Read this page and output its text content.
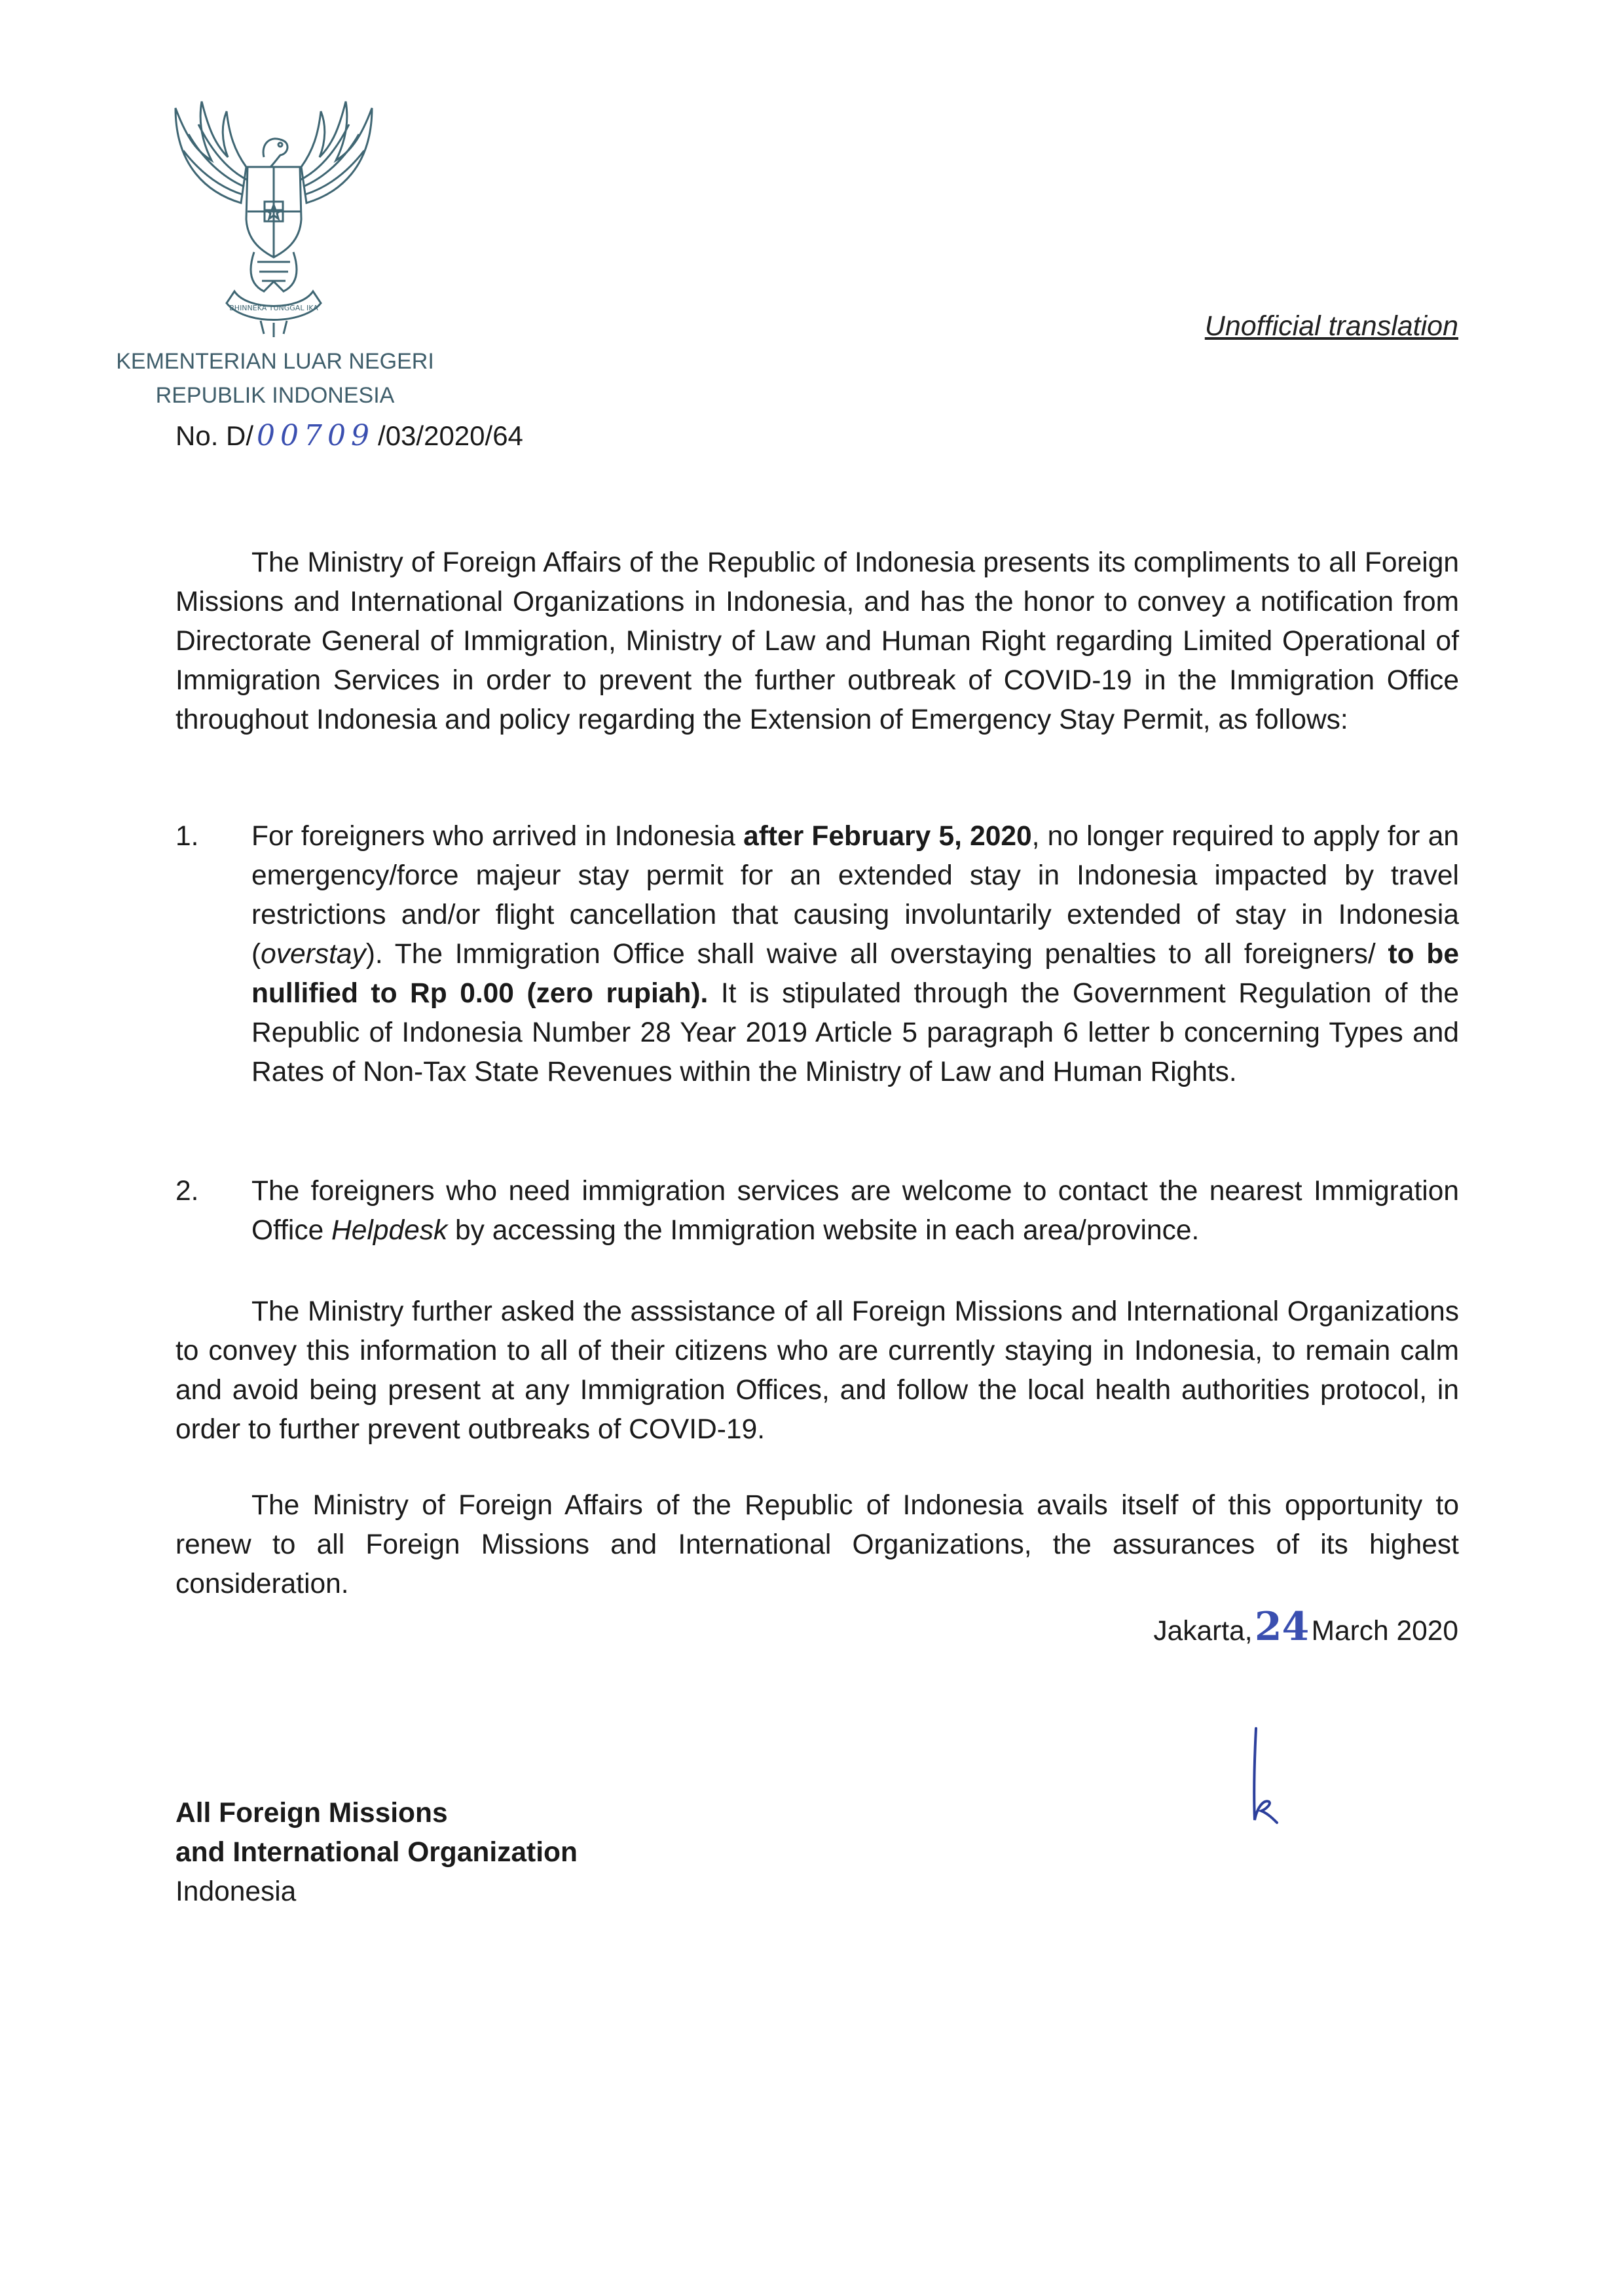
BHINNEKA TUNGGAL IKA
KEMENTERIAN LUAR NEGERI
REPUBLIK INDONESIA
Unofficial translation
No. D/ 00709 /03/2020/64
The Ministry of Foreign Affairs of the Republic of Indonesia presents its compliments to all Foreign Missions and International Organizations in Indonesia, and has the honor to convey a notification from Directorate General of Immigration, Ministry of Law and Human Right regarding Limited Operational of Immigration Services in order to prevent the further outbreak of COVID-19 in the Immigration Office throughout Indonesia and policy regarding the Extension of Emergency Stay Permit, as follows:
1.	For foreigners who arrived in Indonesia after February 5, 2020, no longer required to apply for an emergency/force majeur stay permit for an extended stay in Indonesia impacted by travel restrictions and/or flight cancellation that causing involuntarily extended of stay in Indonesia (overstay). The Immigration Office shall waive all overstaying penalties to all foreigners/ to be nullified to Rp 0.00 (zero rupiah). It is stipulated through the Government Regulation of the Republic of Indonesia Number 28 Year 2019 Article 5 paragraph 6 letter b concerning Types and Rates of Non-Tax State Revenues within the Ministry of Law and Human Rights.
2.	The foreigners who need immigration services are welcome to contact the nearest Immigration Office Helpdesk by accessing the Immigration website in each area/province.
The Ministry further asked the asssistance of all Foreign Missions and International Organizations to convey this information to all of their citizens who are currently staying in Indonesia, to remain calm and avoid being present at any Immigration Offices, and follow the local health authorities protocol, in order to further prevent outbreaks of COVID-19.
The Ministry of Foreign Affairs of the Republic of Indonesia avails itself of this opportunity to renew to all Foreign Missions and International Organizations, the assurances of its highest consideration.
Jakarta,24March 2020
All Foreign Missions
and International Organization
Indonesia
